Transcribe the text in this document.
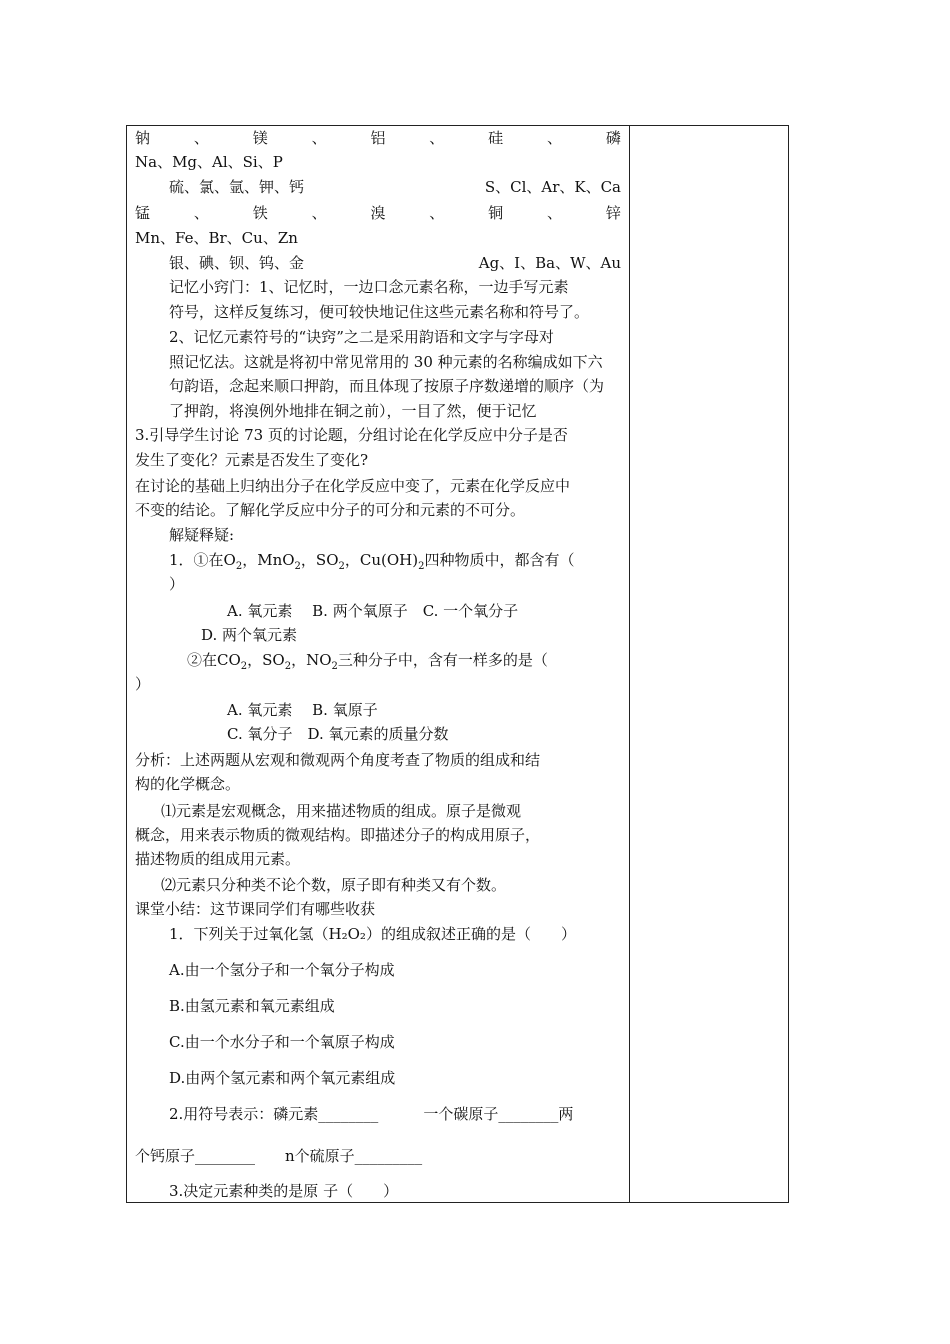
钠	、	镁	、	铝	、	硅	、	磷
Na、Mg、Al、Si、P
硫、氯、氩、钾、钙	S、Cl、Ar、K、Ca
锰	、	铁	、	溴	、	铜	、	锌
Mn、Fe、Br、Cu、Zn
银、碘、钡、钨、金	Ag、I、Ba、W、Au
记忆小窍门：1、记忆时，一边口念元素名称，一边手写元素
符号，这样反复练习，便可较快地记住这些元素名称和符号了。
2、记忆元素符号的“诀窍”之二是采用韵语和文字与字母对
照记忆法。这就是将初中常见常用的 30 种元素的名称编成如下六
句韵语，念起来顺口押韵，而且体现了按原子序数递增的顺序（为
了押韵，将溴例外地排在铜之前），一目了然，便于记忆
3.引导学生讨论 73 页的讨论题，分组讨论在化学反应中分子是否
发生了变化？元素是否发生了变化?
在讨论的基础上归纳出分子在化学反应中变了，元素在化学反应中
不变的结论。了解化学反应中分子的可分和元素的不可分。
解疑释疑:
1．①在$O_2$，MnO$_2$，$SO_2$，$Cu(OH)_2$四种物质中，都含有（
）
A. 氧元素　 B. 两个氧原子　C. 一个氧分子
D. 两个氧元素
②在$CO_2$，$SO_2$，$NO_2$三种分子中，含有一样多的是（
）
A. 氧元素　 B. 氧原子
C. 氧分子　D. 氧元素的质量分数
分析：上述两题从宏观和微观两个角度考查了物质的组成和结
构的化学概念。
⑴元素是宏观概念，用来描述物质的组成。原子是微观
概念，用来表示物质的微观结构。即描述分子的构成用原子，
描述物质的组成用元素。
⑵元素只分种类不论个数，原子即有种类又有个数。
课堂小结：这节课同学们有哪些收获
1．下列关于过氧化氢（H₂O₂）的组成叙述正确的是（　　）
A.由一个氢分子和一个氧分子构成
B.由氢元素和氧元素组成
C.由一个水分子和一个氧原子构成
D.由两个氢元素和两个氧元素组成
2.用符号表示：磷元素________　　　一个碳原子________两
个钙原子________　　n个硫原子_________
3.决定元素种类的是原 子（　　）
